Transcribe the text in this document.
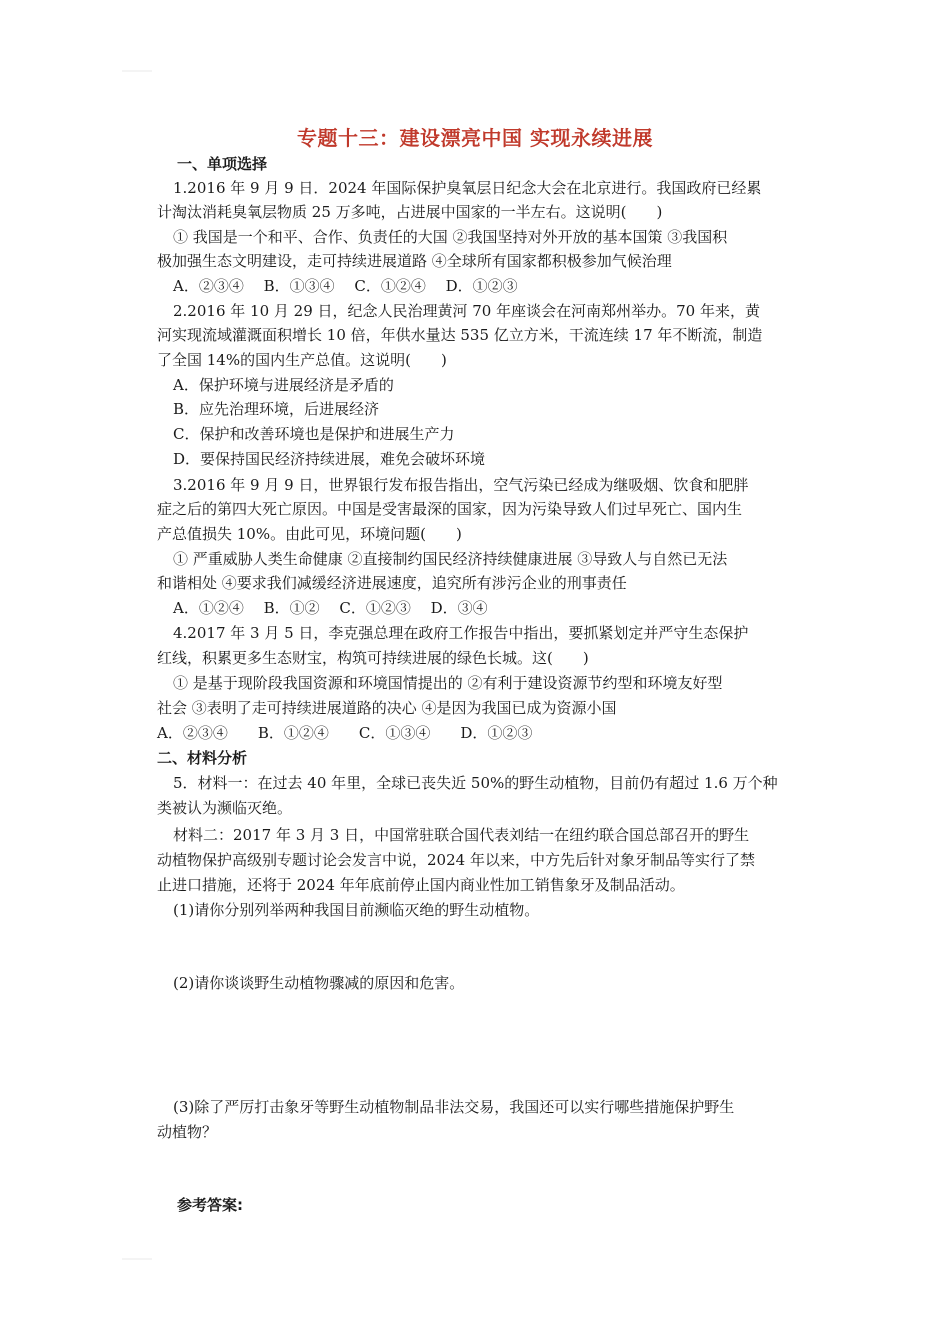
专题十三：建设漂亮中国 实现永续进展
一、单项选择
1.2016 年 9 月 9 日．2024 年国际保护臭氧层日纪念大会在北京进行。我国政府已经累
计淘汰消耗臭氧层物质 25 万多吨，占进展中国家的一半左右。这说明(　　)
① 我国是一个和平、合作、负责任的大国 ②我国坚持对外开放的基本国策 ③我国积
极加强生态文明建设，走可持续进展道路 ④全球所有国家都积极参加气候治理
A．②③④　 B．①③④　 C．①②④　 D．①②③
2.2016 年 10 月 29 日，纪念人民治理黄河 70 年座谈会在河南郑州举办。70 年来，黄
河实现流域灌溉面积增长 10 倍，年供水量达 535 亿立方米，干流连续 17 年不断流，制造
了全国 14%的国内生产总值。这说明(　　)
A．保护环境与进展经济是矛盾的
B．应先治理环境，后进展经济
C．保护和改善环境也是保护和进展生产力
D．要保持国民经济持续进展，难免会破坏环境
3.2016 年 9 月 9 日，世界银行发布报告指出，空气污染已经成为继吸烟、饮食和肥胖
症之后的第四大死亡原因。中国是受害最深的国家，因为污染导致人们过早死亡、国内生
产总值损失 10%。由此可见，环境问题(　　)
① 严重威胁人类生命健康 ②直接制约国民经济持续健康进展 ③导致人与自然已无法
和谐相处 ④要求我们减缓经济进展速度，追究所有涉污企业的刑事责任
A．①②④　 B．①②　 C．①②③　 D．③④
4.2017 年 3 月 5 日，李克强总理在政府工作报告中指出，要抓紧划定并严守生态保护
红线，积累更多生态财宝，构筑可持续进展的绿色长城。这(　　)
① 是基于现阶段我国资源和环境国情提出的 ②有利于建设资源节约型和环境友好型
社会 ③表明了走可持续进展道路的决心 ④是因为我国已成为资源小国
A．②③④　　B．①②④　　C．①③④　　D．①②③
二、材料分析
5．材料一：在过去 40 年里，全球已丧失近 50%的野生动植物，目前仍有超过 1.6 万个种
类被认为濒临灭绝。
材料二：2017 年 3 月 3 日，中国常驻联合国代表刘结一在纽约联合国总部召开的野生
动植物保护高级别专题讨论会发言中说，2024 年以来，中方先后针对象牙制品等实行了禁
止进口措施，还将于 2024 年年底前停止国内商业性加工销售象牙及制品活动。
(1)请你分别列举两种我国目前濒临灭绝的野生动植物。
(2)请你谈谈野生动植物骤减的原因和危害。
(3)除了严厉打击象牙等野生动植物制品非法交易，我国还可以实行哪些措施保护野生
动植物？
参考答案:
